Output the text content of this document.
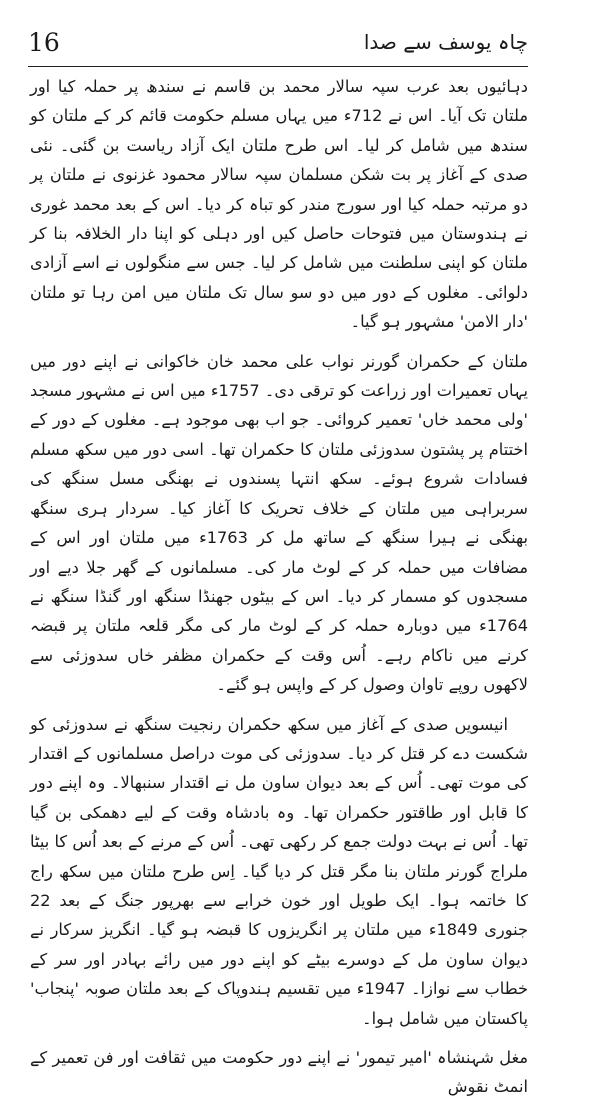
16	چاہ یوسف سے صدا

دہائیوں بعد عرب سپہ سالار محمد بن قاسم نے سندھ پر حملہ کیا اور ملتان تک آیا۔ اس نے 712ء میں یہاں مسلم حکومت قائم کر کے ملتان کو سندھ میں شامل کر لیا۔ اس طرح ملتان ایک آزاد ریاست بن گئی۔ نئی صدی کے آغاز پر بت شکن مسلمان سپہ سالار محمود غزنوی نے ملتان پر دو مرتبہ حملہ کیا اور سورج مندر کو تباہ کر دیا۔ اس کے بعد محمد غوری نے ہندوستان میں فتوحات حاصل کیں اور دہلی کو اپنا دار الخلافہ بنا کر ملتان کو اپنی سلطنت میں شامل کر لیا۔ جس سے منگولوں نے اسے آزادی دلوائی۔ مغلوں کے دور میں دو سو سال تک ملتان میں امن رہا تو ملتان 'دار الامن' مشہور ہو گیا۔

ملتان کے حکمران گورنر نواب علی محمد خان خاکوانی نے اپنے دور میں یہاں تعمیرات اور زراعت کو ترقی دی۔ 1757ء میں اس نے مشہور مسجد 'ولی محمد خاں' تعمیر کروائی۔ جو اب بھی موجود ہے۔ مغلوں کے دور کے اختتام پر پشتون سدوزئی ملتان کا حکمران تھا۔ اسی دور میں سکھ مسلم فسادات شروع ہوئے۔ سکھ انتہا پسندوں نے بھنگی مسل سنگھ کی سربراہی میں ملتان کے خلاف تحریک کا آغاز کیا۔ سردار ہری سنگھ بھنگی نے ہیرا سنگھ کے ساتھ مل کر 1763ء میں ملتان اور اس کے مضافات میں حملہ کر کے لوٹ مار کی۔ مسلمانوں کے گھر جلا دیے اور مسجدوں کو مسمار کر دیا۔ اس کے بیٹوں جھنڈا سنگھ اور گنڈا سنگھ نے 1764ء میں دوبارہ حملہ کر کے لوٹ مار کی مگر قلعہ ملتان پر قبضہ کرنے میں ناکام رہے۔ اُس وقت کے حکمران مظفر خاں سدوزئی سے لاکھوں روپے تاوان وصول کر کے واپس ہو گئے۔

انیسویں صدی کے آغاز میں سکھ حکمران رنجیت سنگھ نے سدوزئی کو شکست دے کر قتل کر دیا۔ سدوزئی کی موت دراصل مسلمانوں کے اقتدار کی موت تھی۔ اُس کے بعد دیوان ساون مل نے اقتدار سنبھالا۔ وہ اپنے دور کا قابل اور طاقتور حکمران تھا۔ وہ بادشاہ وقت کے لیے دھمکی بن گیا تھا۔ اُس نے بہت دولت جمع کر رکھی تھی۔ اُس کے مرنے کے بعد اُس کا بیٹا ملراج گورنر ملتان بنا مگر قتل کر دیا گیا۔ اِس طرح ملتان میں سکھ راج کا خاتمہ ہوا۔ ایک طویل اور خون خرابے سے بھرپور جنگ کے بعد 22 جنوری 1849ء میں ملتان پر انگریزوں کا قبضہ ہو گیا۔ انگریز سرکار نے دیوان ساون مل کے دوسرے بیٹے کو اپنے دور میں رائے بہادر اور سر کے خطاب سے نوازا۔ 1947ء میں تقسیم ہندوپاک کے بعد ملتان صوبہ 'پنجاب' پاکستان میں شامل ہوا۔

مغل شہنشاہ 'امیر تیمور' نے اپنے دور حکومت میں ثقافت اور فن تعمیر کے انمٹ نقوش
